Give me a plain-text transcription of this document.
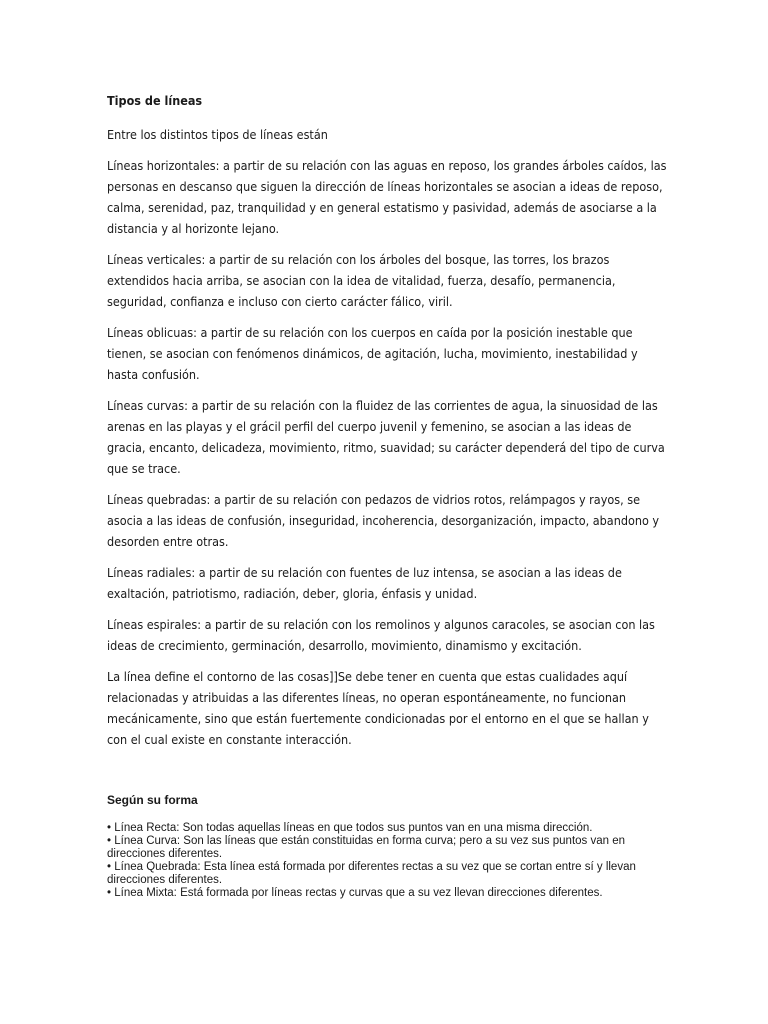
Tipos de líneas

Entre los distintos tipos de líneas están

Líneas horizontales: a partir de su relación con las aguas en reposo, los grandes árboles caídos, las personas en descanso que siguen la dirección de líneas horizontales se asocian a ideas de reposo, calma, serenidad, paz, tranquilidad y en general estatismo y pasividad, además de asociarse a la distancia y al horizonte lejano.

Líneas verticales: a partir de su relación con los árboles del bosque, las torres, los brazos extendidos hacia arriba, se asocian con la idea de vitalidad, fuerza, desafío, permanencia, seguridad, confianza e incluso con cierto carácter fálico, viril.

Líneas oblicuas: a partir de su relación con los cuerpos en caída por la posición inestable que tienen, se asocian con fenómenos dinámicos, de agitación, lucha, movimiento, inestabilidad y hasta confusión.

Líneas curvas: a partir de su relación con la fluidez de las corrientes de agua, la sinuosidad de las arenas en las playas y el grácil perfil del cuerpo juvenil y femenino, se asocian a las ideas de gracia, encanto, delicadeza, movimiento, ritmo, suavidad; su carácter dependerá del tipo de curva que se trace.

Líneas quebradas: a partir de su relación con pedazos de vidrios rotos, relámpagos y rayos, se asocia a las ideas de confusión, inseguridad, incoherencia, desorganización, impacto, abandono y desorden entre otras.

Líneas radiales: a partir de su relación con fuentes de luz intensa, se asocian a las ideas de exaltación, patriotismo, radiación, deber, gloria, énfasis y unidad.

Líneas espirales: a partir de su relación con los remolinos y algunos caracoles, se asocian con las ideas de crecimiento, germinación, desarrollo, movimiento, dinamismo y excitación.

La línea define el contorno de las cosas]]Se debe tener en cuenta que estas cualidades aquí relacionadas y atribuidas a las diferentes líneas, no operan espontáneamente, no funcionan mecánicamente, sino que están fuertemente condicionadas por el entorno en el que se hallan y con el cual existe en constante interacción.

Según su forma

• Línea Recta: Son todas aquellas líneas en que todos sus puntos van en una misma dirección.
• Línea Curva: Son las líneas que están constituidas en forma curva; pero a su vez sus puntos van en direcciones diferentes.
• Línea Quebrada: Esta línea está formada por diferentes rectas a su vez que se cortan entre sí y llevan direcciones diferentes.
• Línea Mixta: Está formada por líneas rectas y curvas que a su vez llevan direcciones diferentes.
